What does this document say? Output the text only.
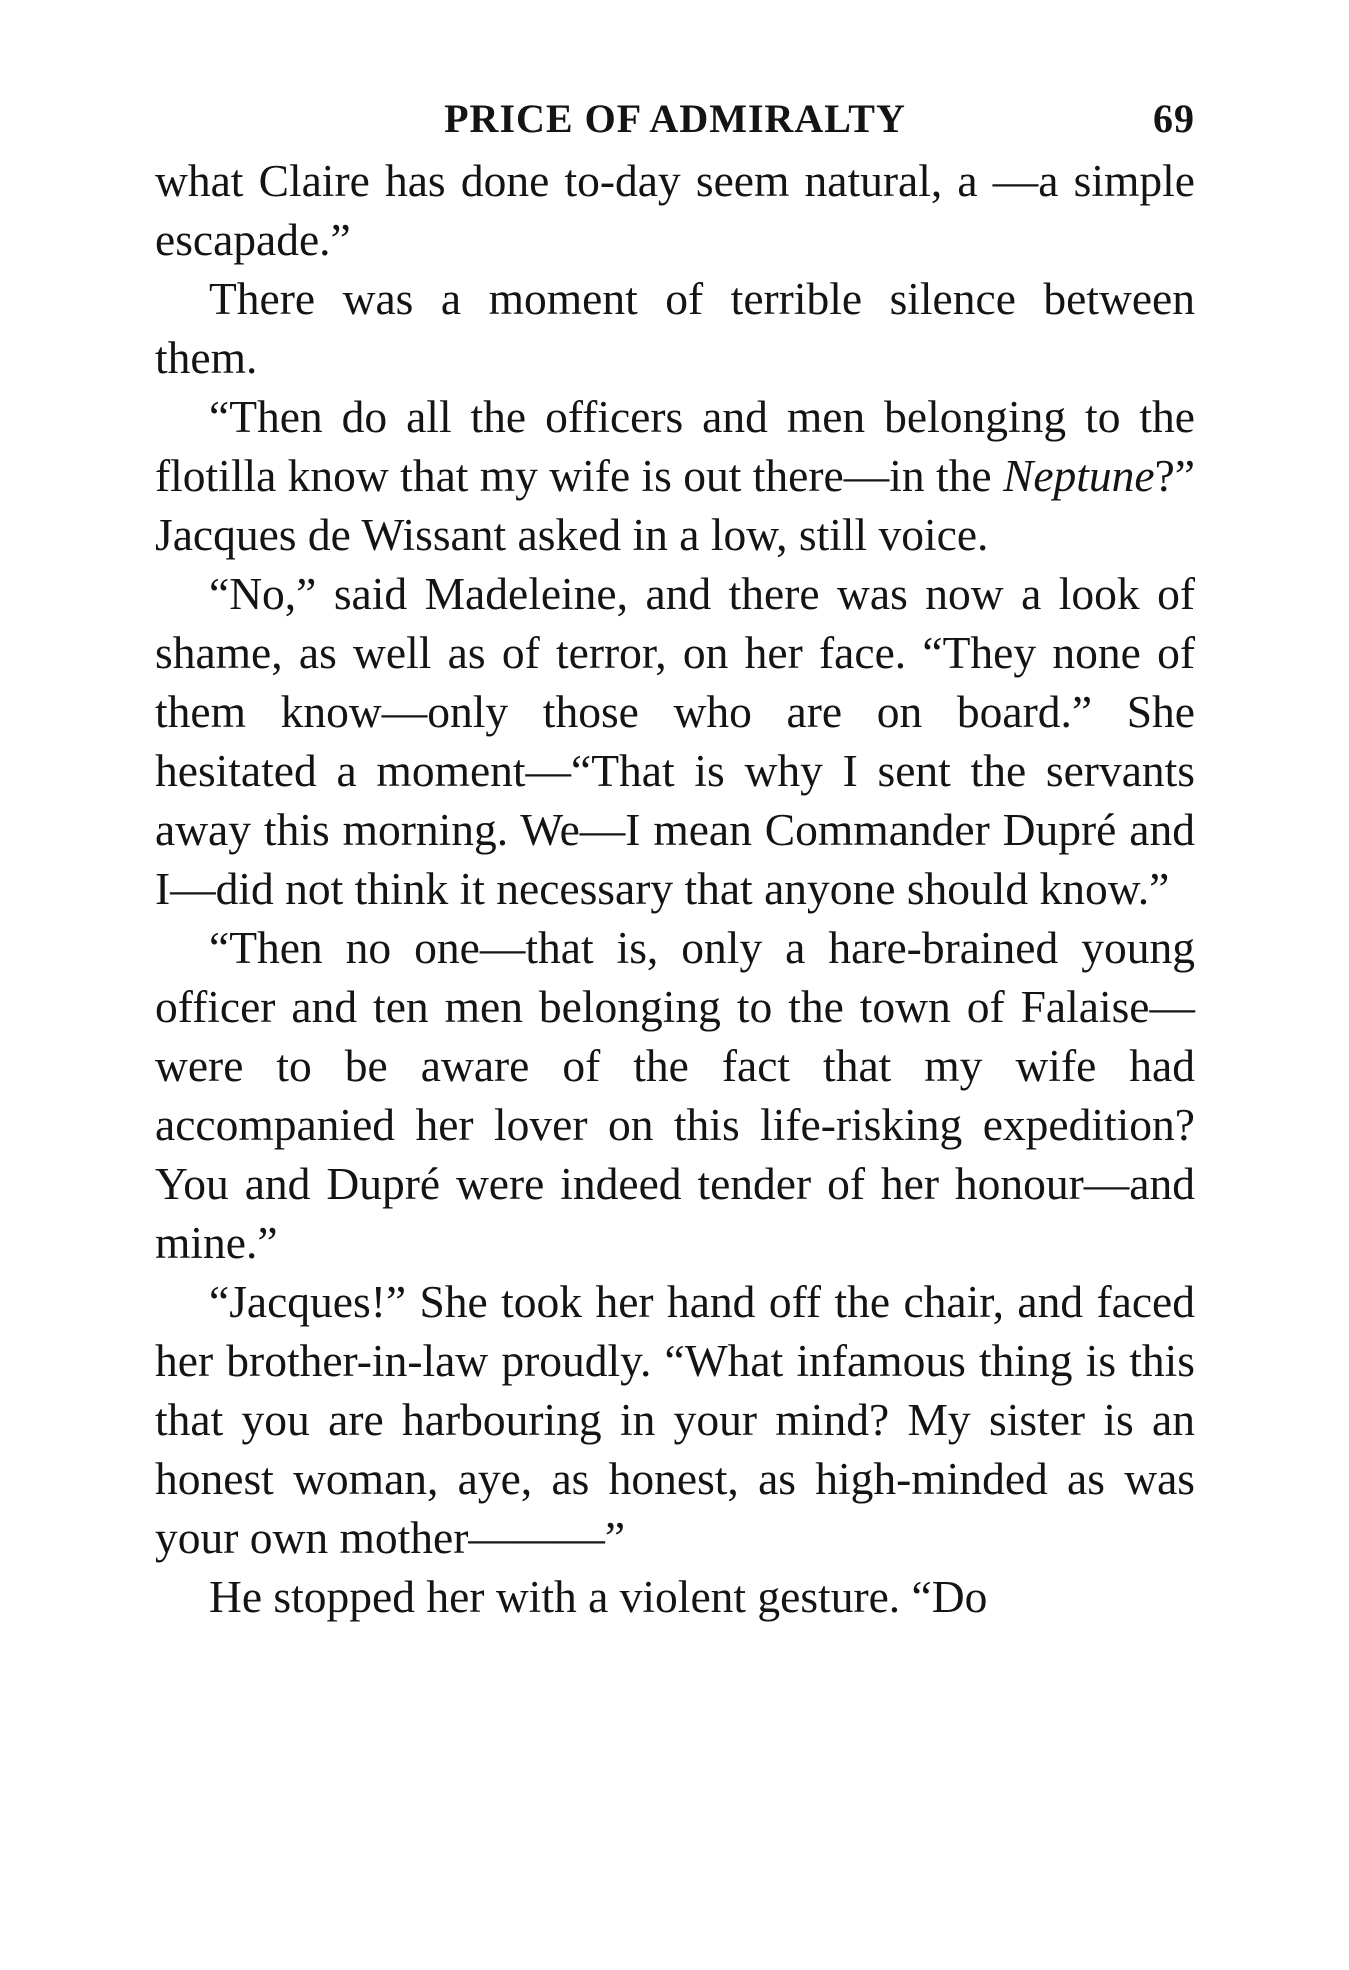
PRICE OF ADMIRALTY	69

what Claire has done to-day seem natural, a —a simple escapade.”

There was a moment of terrible silence between them.

“Then do all the officers and men belonging to the flotilla know that my wife is out there—in the Neptune?” Jacques de Wissant asked in a low, still voice.

“No,” said Madeleine, and there was now a look of shame, as well as of terror, on her face. “They none of them know—only those who are on board.” She hesitated a moment—“That is why I sent the servants away this morning. We—I mean Commander Dupré and I—did not think it necessary that anyone should know.”

“Then no one—that is, only a hare-brained young officer and ten men belonging to the town of Falaise—were to be aware of the fact that my wife had accompanied her lover on this life-risking expedition? You and Dupré were indeed tender of her honour—and mine.”

“Jacques!” She took her hand off the chair, and faced her brother-in-law proudly. “What infamous thing is this that you are harbouring in your mind? My sister is an honest woman, aye, as honest, as high-minded as was your own mother———”

He stopped her with a violent gesture. “Do
